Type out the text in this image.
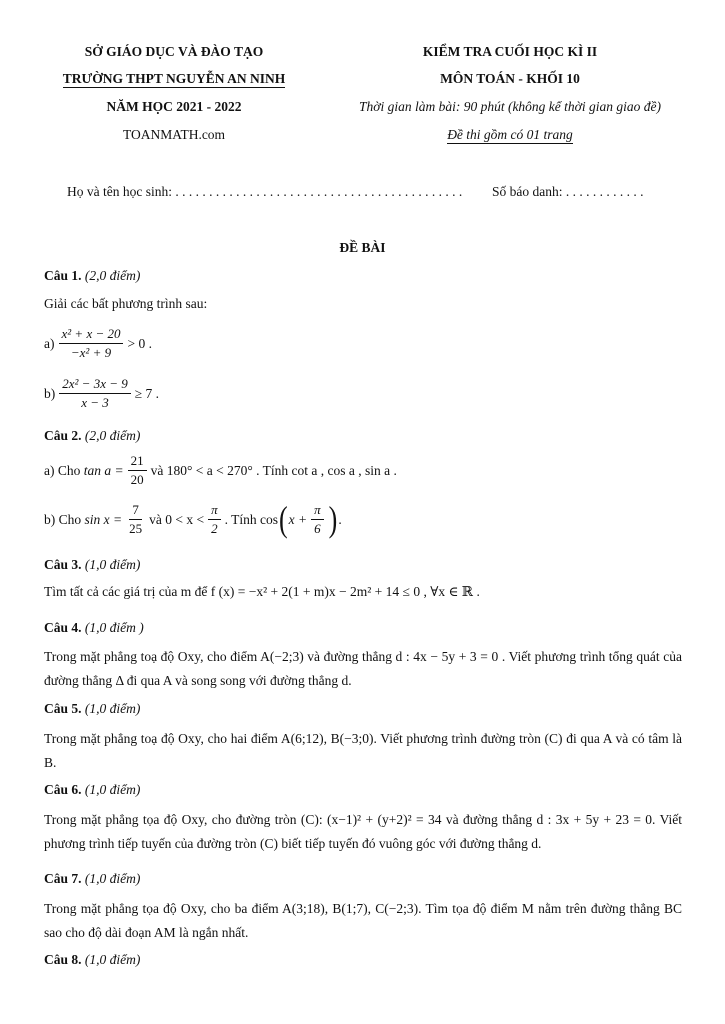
SỞ GIÁO DỤC VÀ ĐÀO TẠO
TRƯỜNG THPT NGUYỄN AN NINH
NĂM HỌC 2021 - 2022
TOANMATH.com
KIỂM TRA CUỐI HỌC KÌ II
MÔN TOÁN - KHỐI 10
Thời gian làm bài: 90 phút (không kể thời gian giao đề)
Đề thi gồm có 01 trang
Họ và tên học sinh: . . . . . . . . . . . . . . . . . . . . . . . . . . . . . . . . . . . . . . . . . . . Số báo danh: . . . . . . . . . . . .
ĐỀ BÀI
Câu 1. (2,0 điểm)
Giải các bất phương trình sau:
$a) \frac{\text{x² + x − 20}}{\text{−x² + 9}} > 0$ .
$b) \frac{\text{2x² − 3x − 9}}{x - 3} \ge 7$ .
Câu 2. (2,0 điểm)
a) Cho
$\tan a = \frac{21}{20}$ và 180° < a < 270° . Tính cot a , cos a , sin a .
b) Cho
$\sin x = \frac{7}{25}$ và $0 < x < \frac{\pi}{2}$ . Tính cos ( $x + \frac{\pi}{6}$ ) .
Câu 3. (1,0 điểm)
Tìm tất cả các giá trị của m để f (x) = −x² + 2(1 + m)x − 2m² + 14 ≤ 0 , ∀x ∈ ℝ .
Câu 4. (1,0 điểm )
Trong mặt phẳng toạ độ Oxy, cho điểm A(−2;3) và đường thẳng d : 4x − 5y + 3 = 0 . Viết phương trình tổng quát của đường thẳng Δ đi qua A và song song với đường thẳng d.
Câu 5. (1,0 điểm)
Trong mặt phẳng toạ độ Oxy, cho hai điểm A(6;12), B(−3;0). Viết phương trình đường tròn (C) đi qua A và có tâm là B.
Câu 6. (1,0 điểm)
Trong mặt phẳng tọa độ Oxy, cho đường tròn (C): (x−1)² + (y+2)² = 34 và đường thẳng d : 3x + 5y + 23 = 0. Viết phương trình tiếp tuyến của đường tròn (C) biết tiếp tuyến đó vuông góc với đường thẳng d.
Câu 7. (1,0 điểm)
Trong mặt phẳng tọa độ Oxy, cho ba điểm A(3;18), B(1;7), C(−2;3). Tìm tọa độ điểm M nằm trên đường thẳng BC sao cho độ dài đoạn AM là ngắn nhất.
Câu 8. (1,0 điểm)
